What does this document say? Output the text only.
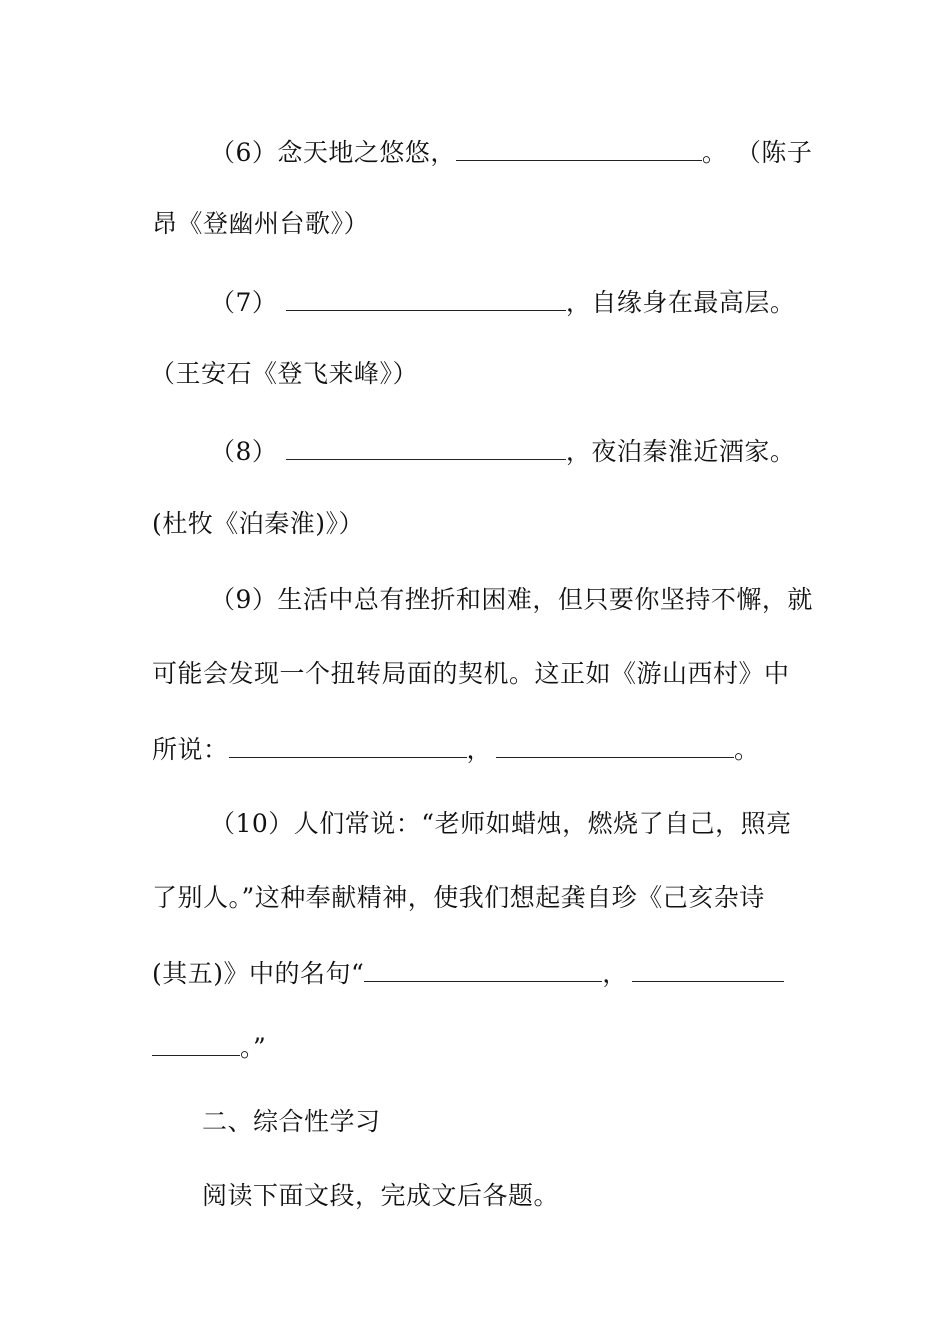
（6）念天地之悠悠，	。 （陈子
昂《登幽州台歌》）
（7）	，自缘身在最高层。
（王安石《登飞来峰》）
（8）	，夜泊秦淮近酒家。
(杜牧《泊秦淮)》）
（9）生活中总有挫折和困难，但只要你坚持不懈，就
可能会发现一个扭转局面的契机。这正如《游山西村》中
所说：	，	。
（10）人们常说：“老师如蜡烛，燃烧了自己，照亮
了别人。”这种奉献精神，使我们想起龚自珍《己亥杂诗
(其五)》中的名句“	，
。”
二、综合性学习
阅读下面文段，完成文后各题。
